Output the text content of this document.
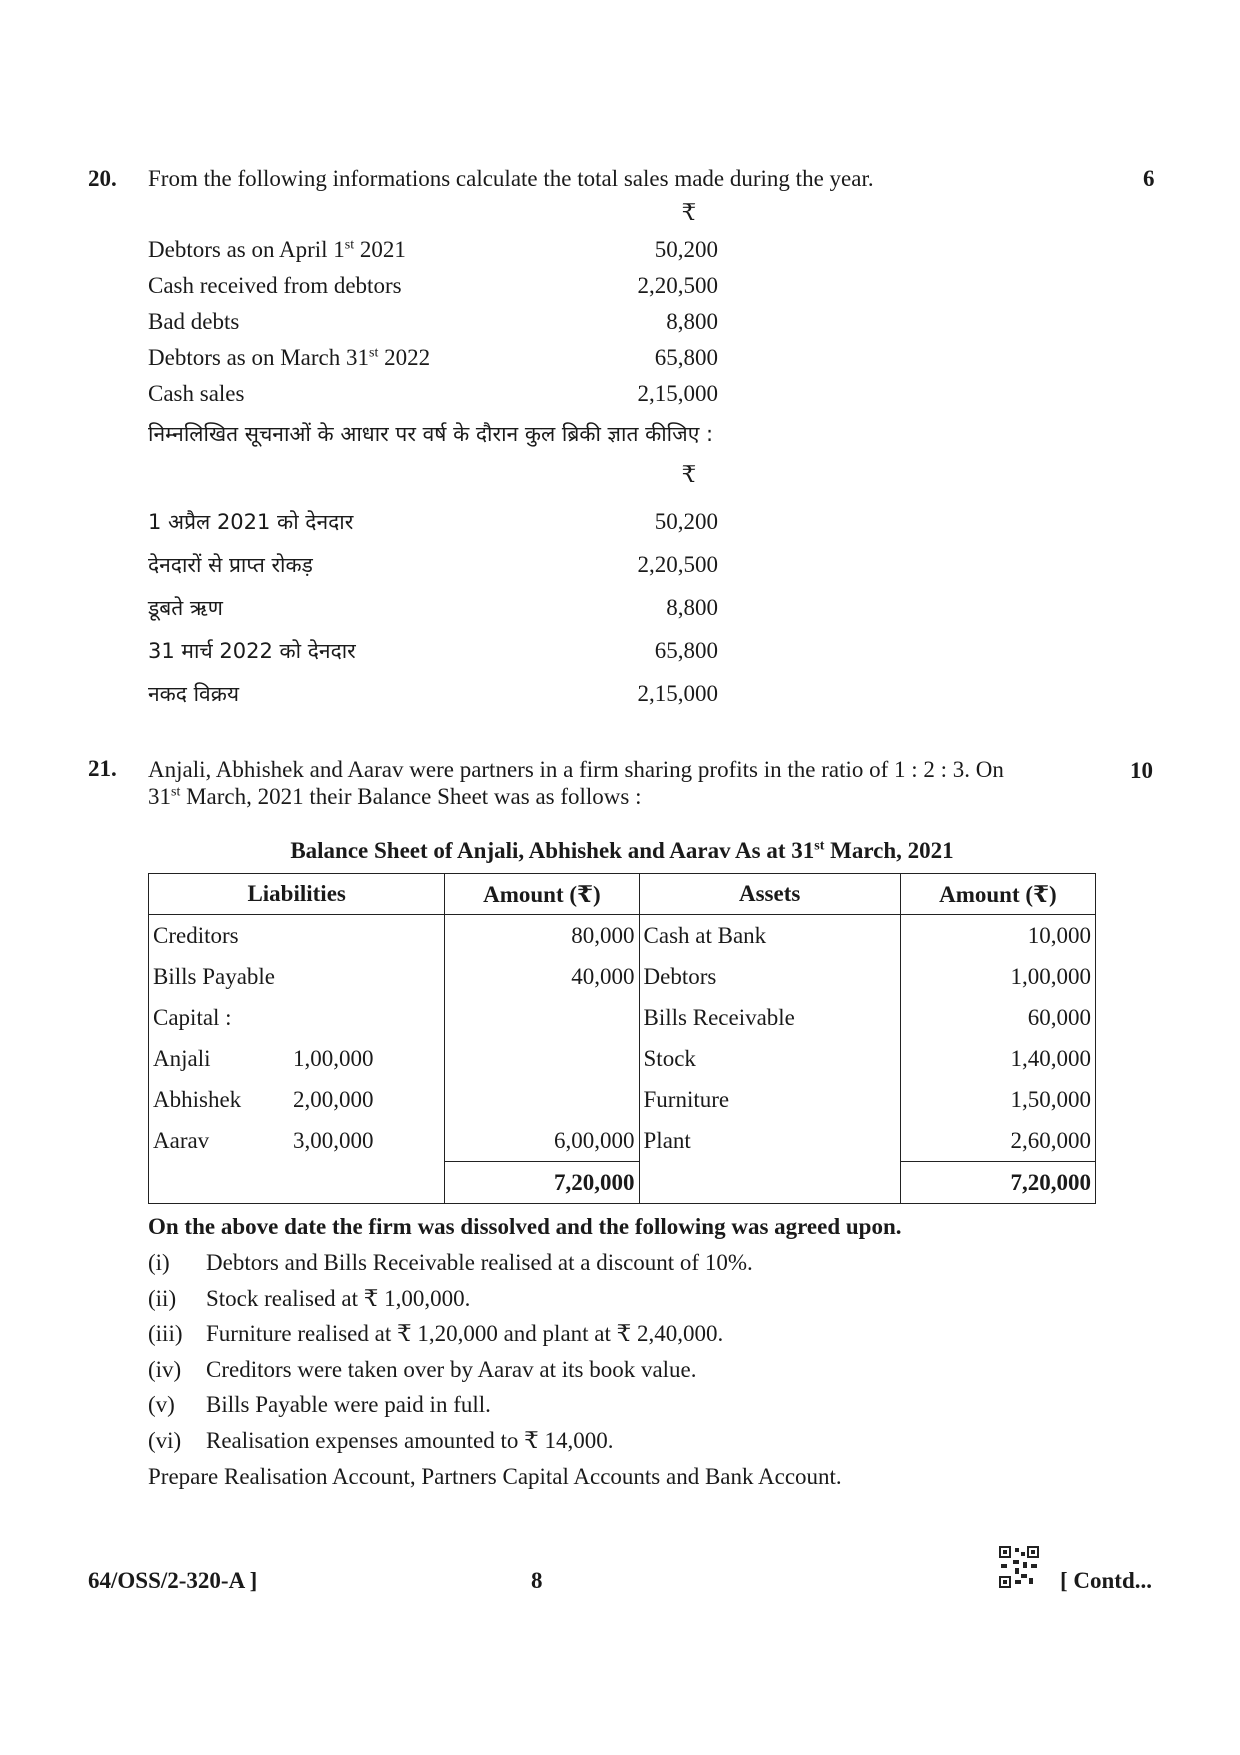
20. From the following informations calculate the total sales made during the year.	6
₹
Debtors as on April 1st 2021	50,200
Cash received from debtors	2,20,500
Bad debts	8,800
Debtors as on March 31st 2022	65,800
Cash sales	2,15,000
निम्नलिखित सूचनाओं के आधार पर वर्ष के दौरान कुल ब्रिकी ज्ञात कीजिए :
₹
1 अप्रैल 2021 को देनदार	50,200
देनदारों से प्राप्त रोकड़	2,20,500
डूबते ऋण	8,800
31 मार्च 2022 को देनदार	65,800
नकद विक्रय	2,15,000
21. Anjali, Abhishek and Aarav were partners in a firm sharing profits in the ratio of 1 : 2 : 3. On
31st March, 2021 their Balance Sheet was as follows :
10
Balance Sheet of Anjali, Abhishek and Aarav As at 31st March, 2021
Liabilities	Amount (₹)	Assets	Amount (₹)
Creditors	80,000	Cash at Bank	10,000
Bills Payable	40,000	Debtors	1,00,000
Capital :		Bills Receivable	60,000
Anjali 1,00,000		Stock	1,40,000
Abhishek 2,00,000		Furniture	1,50,000
Aarav 3,00,000	6,00,000	Plant	2,60,000
	7,20,000		7,20,000
On the above date the firm was dissolved and the following was agreed upon.
(i)	Debtors and Bills Receivable realised at a discount of 10%.
(ii)	Stock realised at ₹ 1,00,000.
(iii)	Furniture realised at ₹ 1,20,000 and plant at ₹ 2,40,000.
(iv)	Creditors were taken over by Aarav at its book value.
(v)	Bills Payable were paid in full.
(vi)	Realisation expenses amounted to ₹ 14,000.
Prepare Realisation Account, Partners Capital Accounts and Bank Account.
64/OSS/2-320-A ]	8	[ Contd...
